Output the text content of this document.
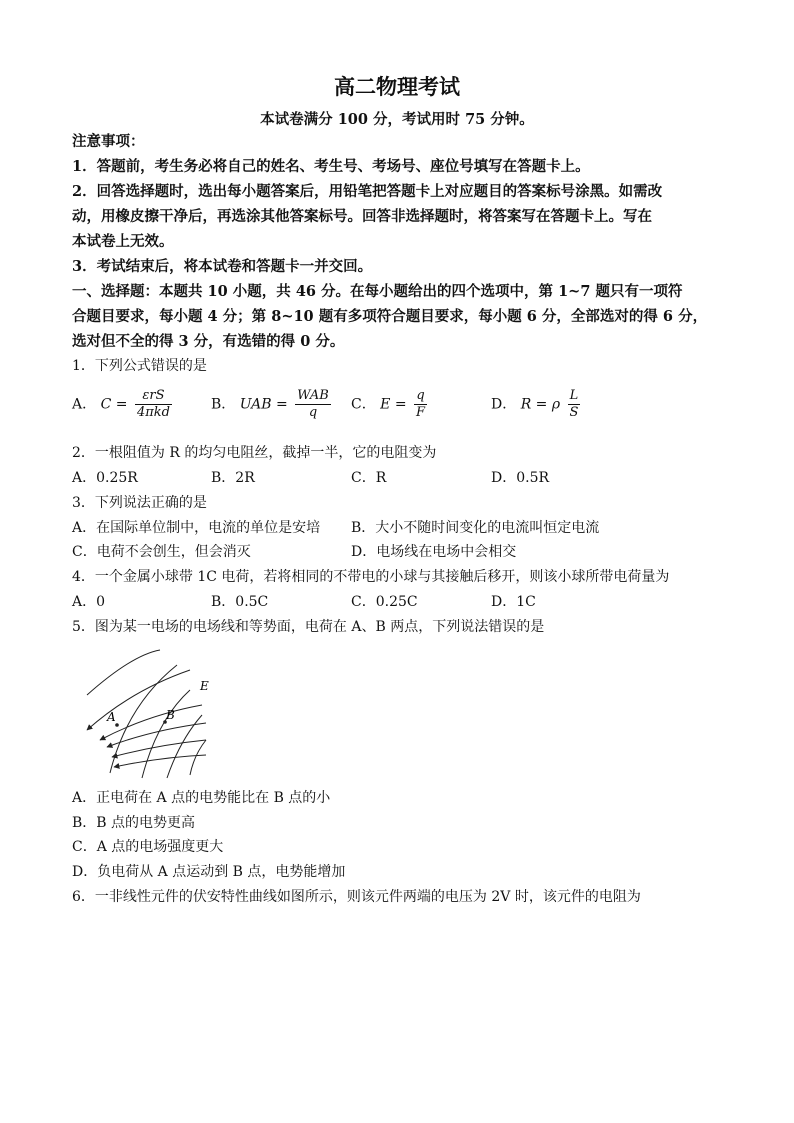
高二物理考试
本试卷满分 100 分，考试用时 75 分钟。
注意事项：
1．答题前，考生务必将自己的姓名、考生号、考场号、座位号填写在答题卡上。
2．回答选择题时，选出每小题答案后，用铅笔把答题卡上对应题目的答案标号涂黑。如需改
动，用橡皮擦干净后，再选涂其他答案标号。回答非选择题时，将答案写在答题卡上。写在
本试卷上无效。
3．考试结束后，将本试卷和答题卡一并交回。
一、选择题：本题共 10 小题，共 46 分。在每小题给出的四个选项中，第 1~7 题只有一项符
合题目要求，每小题 4 分；第 8~10 题有多项符合题目要求，每小题 6 分，全部选对的得 6 分，
选对但不全的得 3 分，有选错的得 0 分。
1．下列公式错误的是
A． $C = \frac{\text{εrS}}{\text{4πkd}}$	B． UAB = $\frac{\text{WAB}}{q}$ C． $E = \frac{q}{F}$	D． R = ρ $\frac{L}{S}$
2．一根阻值为 R 的均匀电阻丝，截掉一半，它的电阻变为
A．0.25R	B．2R	C．R	D．0.5R
3．下列说法正确的是
A．在国际单位制中，电流的单位是安培 B．大小不随时间变化的电流叫恒定电流
C．电荷不会创生，但会消灭	D．电场线在电场中会相交
4．一个金属小球带 1C 电荷，若将相同的不带电的小球与其接触后移开，则该小球所带电荷量为
A．0	B．0.5C	C．0.25C	D．1C
5．图为某一电场的电场线和等势面，电荷在 A、B 两点，下列说法错误的是
E
A	B
A．正电荷在 A 点的电势能比在 B 点的小
B．B 点的电势更高
C．A 点的电场强度更大
D．负电荷从 A 点运动到 B 点，电势能增加
6．一非线性元件的伏安特性曲线如图所示，则该元件两端的电压为 2V 时，该元件的电阻为
